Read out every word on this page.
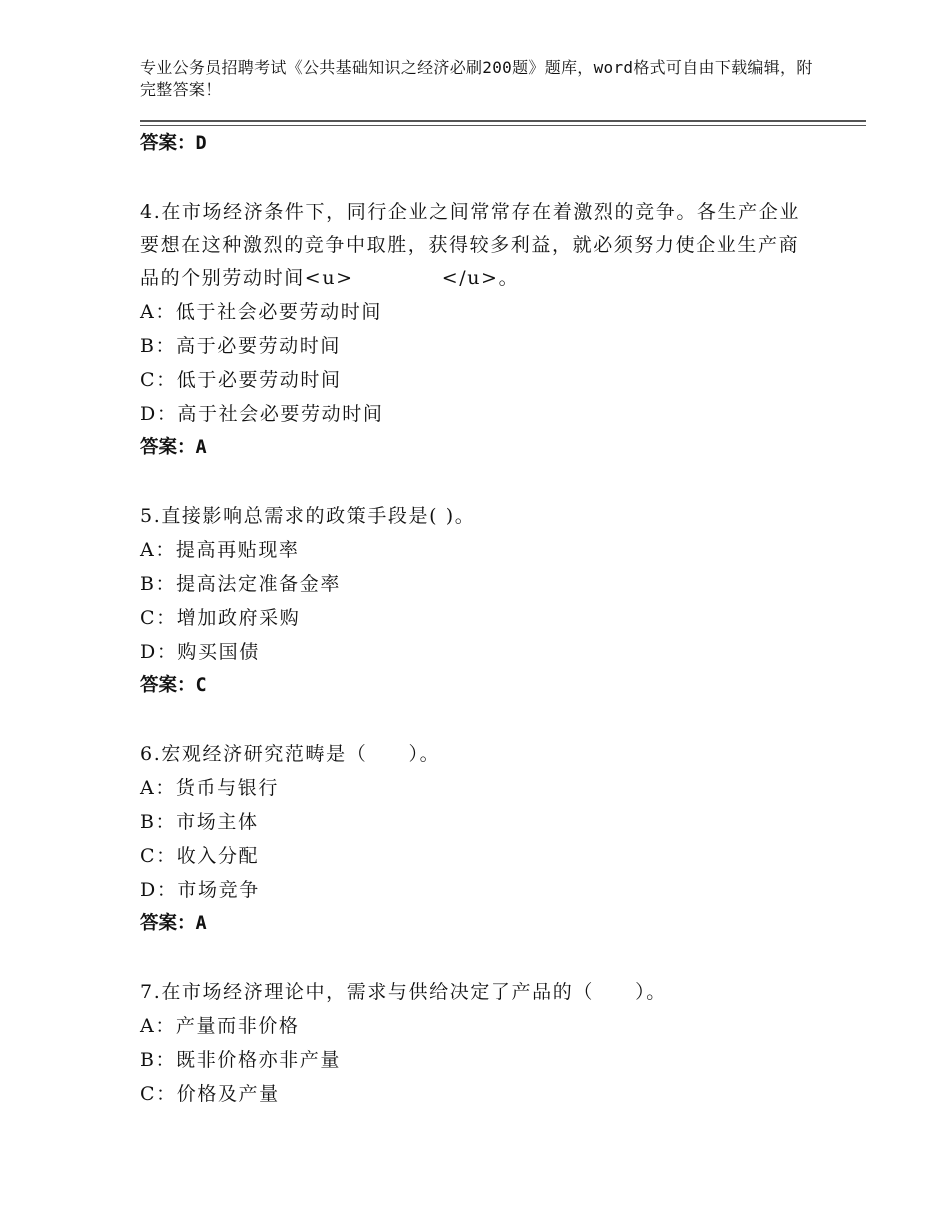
专业公务员招聘考试《公共基础知识之经济必刷200题》题库，word格式可自由下载编辑，附完整答案！

答案：D

4.在市场经济条件下，同行企业之间常常存在着激烈的竞争。各生产企业要想在这种激烈的竞争中取胜，获得较多利益，就必须努力使企业生产商品的个别劳动时间<u>	</u>。

A：低于社会必要劳动时间

B：高于必要劳动时间

C：低于必要劳动时间

D：高于社会必要劳动时间

答案：A

5.直接影响总需求的政策手段是( )。

A：提高再贴现率

B：提高法定准备金率

C：增加政府采购

D：购买国债

答案：C

6.宏观经济研究范畴是（　　）。

A：货币与银行

B：市场主体

C：收入分配

D：市场竞争

答案：A

7.在市场经济理论中，需求与供给决定了产品的（　　）。

A：产量而非价格

B：既非价格亦非产量

C：价格及产量
